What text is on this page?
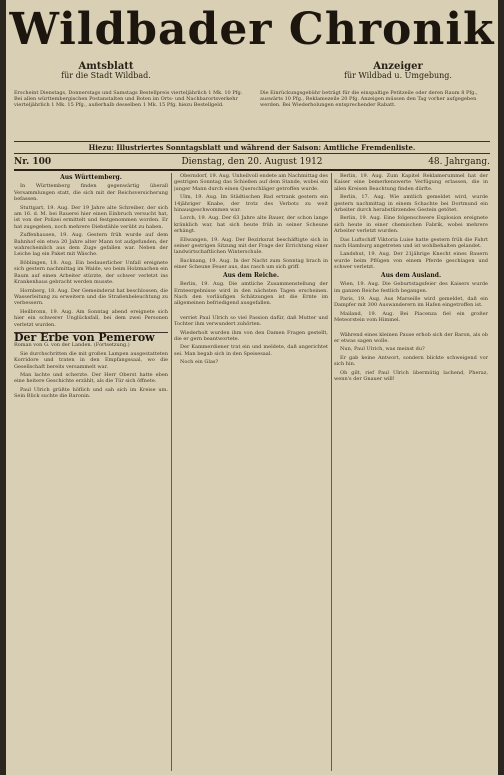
Wildbader Chronik
Amtsblatt
für die Stadt Wildbad.
Anzeiger
für Wildbad u. Umgebung.
Erscheint Dienstags, Donnerstags und Samstags Bestellpreis vierteljährlich 1 Mk. 10 Pfg. Bei allen württembergischen Postanstalten und Boten im Orts- und Nachbarortsverkehr vierteljährlich 1 Mk. 15 Pfg., außerhalb desselben 1 Mk. 15 Pfg. hiezu Bestellgeld.
Die Einrückungsgebühr beträgt für die einspaltige Petitzeile oder deren Raum 8 Pfg., auswärts 10 Pfg., Reklamezeile 20 Pfg. Anzeigen müssen den Tag vorher aufgegeben werden. Bei Wiederholungen entsprechender Rabatt.
Hiezu: Illustriertes Sonntagsblatt und während der Saison: Amtliche Fremdenliste.
Nr. 100	Dienstag, den 20. August 1912	48. Jahrgang.
Aus Württemberg.
In Württemberg finden gegenwärtig überall Versammlungen statt, die sich mit der Reichsversicherung befassen.
Stuttgart, 19. Aug. Der 19 Jahre alte Schreiber, der sich am 16. d. M. bei Rauerei hier einen Einbruch versucht hat, ist von der Polizei ermittelt und festgenommen worden. Er hat zugegeben, noch mehrere Diebstähle verübt zu haben.
Zuffenhausen, 19. Aug. Gestern früh wurde auf dem Bahnhof ein etwa 20 Jahre alter Mann tot aufgefunden, der wahrscheinlich aus dem Zuge gefallen war. Neben der Leiche lag ein Paket mit Wäsche.
Böblingen, 18. Aug. Ein bedauerlicher Unfall ereignete sich gestern nachmittag im Walde, wo beim Holzmachen ein Baum auf einen Arbeiter stürzte, der schwer verletzt ins Krankenhaus gebracht werden musste.
Hornberg, 18. Aug. Der Gemeinderat hat beschlossen, die Wasserleitung zu erweitern und die Straßenbeleuchtung zu verbessern.
Heilbronn, 19. Aug. Am Sonntag abend ereignete sich hier ein schwerer Unglücksfall, bei dem zwei Personen verletzt wurden.
Der Erbe von Pemerow
Roman von G. von der Landen. (Fortsetzung.)
Sie durchschritten die mit großen Lampen ausgestatteten Korridore und traten in den Empfangssaal, wo die Gesellschaft bereits versammelt war.
Man lachte und scherzte. Der Herr Oberst hatte eben eine heitere Geschichte erzählt, als die Tür sich öffnete.
Paul Ulrich grüßte höflich und sah sich im Kreise um. Sein Blick suchte die Baronin.
Oberndorf, 19. Aug. Unheilvoll endete am Nachmittag des gestrigen Sonntag das Schießen auf dem Stande, wobei ein junger Mann durch einen Querschläger getroffen wurde.
Ulm, 19. Aug. Im Städtischen Bad ertrank gestern ein 14jähriger Knabe, der trotz des Verbots zu weit hinausgeschwommen war.
Lorch, 19. Aug. Der 63 Jahre alte Bauer, der schon lange kränklich war, hat sich heute früh in seiner Scheune erhängt.
Ellwangen, 19. Aug. Der Bezirksrat beschäftigte sich in seiner gestrigen Sitzung mit der Frage der Errichtung einer landwirtschaftlichen Winterschule.
Backnang, 19. Aug. In der Nacht zum Sonntag brach in einer Scheune Feuer aus, das rasch um sich griff.
Aus dem Reiche.
Berlin, 19. Aug. Die amtliche Zusammenstellung der Ernteergebnisse wird in den nächsten Tagen erscheinen. Nach den vorläufigen Schätzungen ist die Ernte im allgemeinen befriedigend ausgefallen.
verriet Paul Ulrich so viel Passion dafür, daß Mutter und Tochter ihm verwundert zuhörten.
Wiederholt wurden ihm von den Damen Fragen gestellt, die er gern beantwortete.
Der Kammerdiener trat ein und meldete, daß angerichtet sei. Man begab sich in den Speisesaal.
Noch ein Glas?
Berlin, 19. Aug. Zum Kapitel Reklamerummel hat der Kaiser eine bemerkenswerte Verfügung erlassen, die in allen Kreisen Beachtung finden dürfte.
Berlin, 17. Aug. Wie amtlich gemeldet wird, wurde gestern nachmittag in einem Schachte bei Dortmund ein Arbeiter durch herabstürzendes Gestein getötet.
Berlin, 19. Aug. Eine folgenschwere Explosion ereignete sich heute in einer chemischen Fabrik, wobei mehrere Arbeiter verletzt wurden.
Das Luftschiff Viktoria Luise hatte gestern früh die Fahrt nach Hamburg angetreten und ist wohlbehalten gelandet.
Landshut, 19. Aug. Der 21jährige Knecht eines Bauern wurde beim Pflügen von einem Pferde geschlagen und schwer verletzt.
Aus dem Ausland.
Wien, 19. Aug. Die Geburtstagsfeier des Kaisers wurde im ganzen Reiche festlich begangen.
Paris, 19. Aug. Aus Marseille wird gemeldet, daß ein Dampfer mit 300 Auswanderern im Hafen eingetroffen ist.
Mailand, 19. Aug. Bei Piacenza fiel ein großer Meteorstein vom Himmel.
Während eines kleinen Pause erhob sich der Baron, als ob er etwas sagen wolle.
Nun, Paul Ulrich, was meinst du?
Er gab keine Antwort, sondern blickte schweigend vor sich hin.
Ob gilt, rief Paul Ulrich übermütig lachend, Pheraz, wenn's der Gnauer will!
